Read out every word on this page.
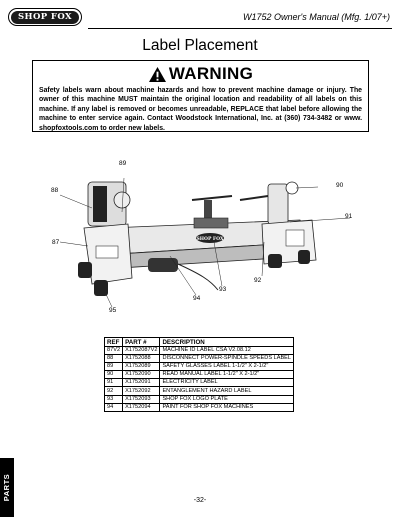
SHOP FOX	W1752 Owner's Manual (Mfg. 1/07+)
Label Placement
WARNING
Safety labels warn about machine hazards and how to prevent machine damage or injury. The owner of this machine MUST maintain the original location and readability of all labels on this machine. If any label is removed or becomes unreadable, REPLACE that label before allowing the machine to enter service again. Contact Woodstock International, Inc. at (360) 734-3482 or www. shopfoxtools.com to order new labels.
SHOP FOX
89
88
90
91
87
92
93
94
95
REF	PART #	DESCRIPTION
87V2	X1752087V2	MACHINE ID LABEL CSA V2.08.12
88	X1752088	DISCONNECT POWER-SPINDLE SPEEDS LABEL
89	X1752089	SAFETY GLASSES LABEL 1-1/2" X 2-1/2"
90	X1752090	READ MANUAL LABEL 1-1/2" X 2-1/2"
91	X1752091	ELECTRICITY LABEL
92	X1752092	ENTANGLEMENT HAZARD LABEL
93	X1752093	SHOP FOX LOGO PLATE
94	X1752094	PAINT FOR SHOP FOX MACHINES
PARTS	-32-
